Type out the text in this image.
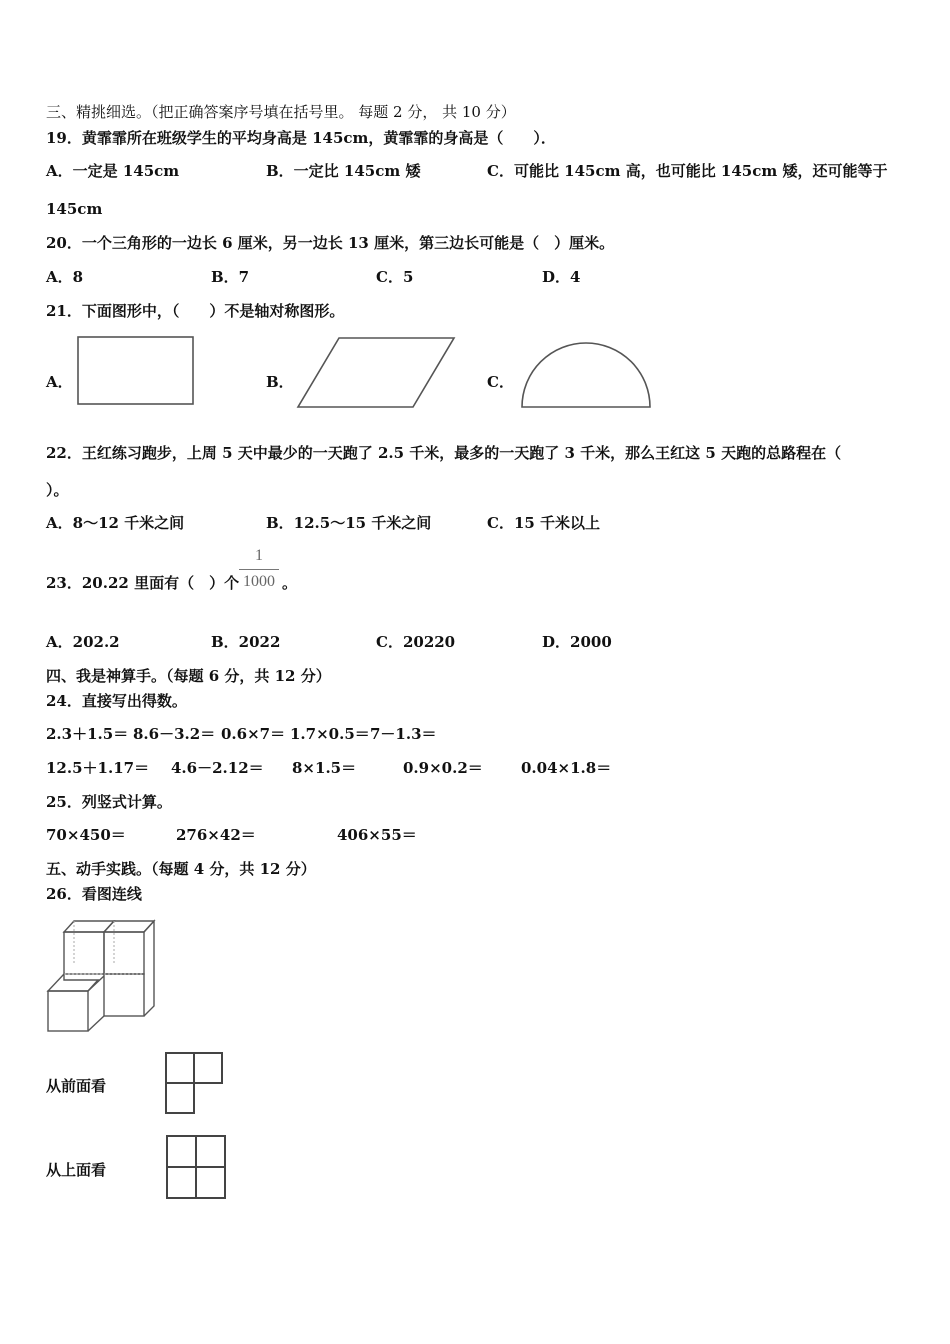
三、精挑细选。（把正确答案序号填在括号里。 每题 2 分， 共 10 分）
19．黄霏霏所在班级学生的平均身高是 145cm，黄霏霏的身高是（　　）．
A．一定是 145cm	B．一定比 145cm 矮	C．可能比 145cm 高，也可能比 145cm 矮，还可能等于
145cm
20．一个三角形的一边长 6 厘米，另一边长 13 厘米，第三边长可能是（　）厘米。
A．8	B．7	C．5	D．4
21．下面图形中，（　　）不是轴对称图形。
A．	B．	C．
22．王红练习跑步，上周 5 天中最少的一天跑了 2.5 千米，最多的一天跑了 3 千米，那么王红这 5 天跑的总路程在（
）。
A．8～12 千米之间	B．12.5～15 千米之间	C．15 千米以上
23．20.22 里面有（　）个
1
1000 。
A．202.2	B．2022	C．20220	D．2000
四、我是神算手。（每题 6 分，共 12 分）
24．直接写出得数。
2.3＋1.5＝ 8.6－3.2＝ 0.6×7＝ 1.7×0.5＝ 7－1.3＝
12.5＋1.17＝ 4.6－2.12＝ 8×1.5＝	0.9×0.2＝	0.04×1.8＝
25．列竖式计算。
70×450＝	276×42＝	406×55＝
五、动手实践。（每题 4 分，共 12 分）
26．看图连线
从前面看
从上面看
